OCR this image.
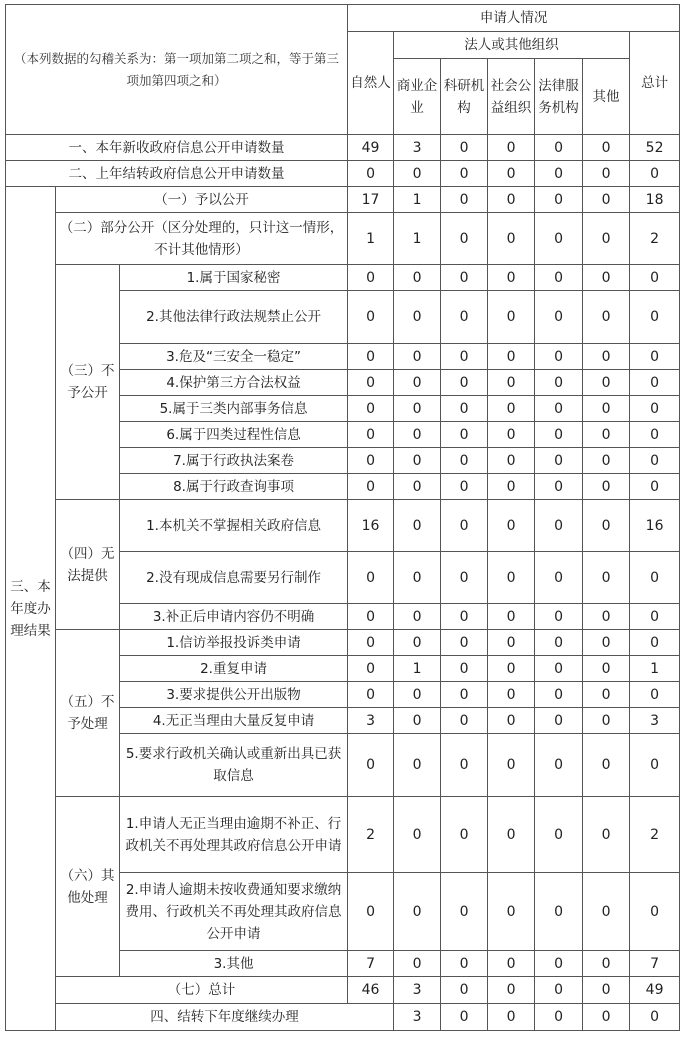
（本列数据的勾稽关系为：第一项加第二项之和，等于第三项加第四项之和）			申请人情况							
			自然人	法人或其他组织					总计	
				商业企业	科研机构	社会公益组织	法律服务机构	其他		
一、本年新收政府信息公开申请数量			49	3	0	0	0	0	52	
二、上年结转政府信息公开申请数量			0	0	0	0	0	0	0	
三、本年度办理结果	（一）予以公开		17	1	0	0	0	0	18	
	（二）部分公开（区分处理的，只计这一情形，不计其他情形）		1	1	0	0	0	0	2	
	（三）不予公开	1.属于国家秘密	0	0	0	0	0	0	0	
		2.其他法律行政法规禁止公开	0	0	0	0	0	0	0	
		3.危及“三安全一稳定”	0	0	0	0	0	0	0	
		4.保护第三方合法权益	0	0	0	0	0	0	0	
		5.属于三类内部事务信息	0	0	0	0	0	0	0	
		6.属于四类过程性信息	0	0	0	0	0	0	0	
		7.属于行政执法案卷	0	0	0	0	0	0	0	
		8.属于行政查询事项	0	0	0	0	0	0	0	
	（四）无法提供	1.本机关不掌握相关政府信息	16	0	0	0	0	0	16	
		2.没有现成信息需要另行制作	0	0	0	0	0	0	0	
		3.补正后申请内容仍不明确	0	0	0	0	0	0	0	
	（五）不予处理	1.信访举报投诉类申请	0	0	0	0	0	0	0	
		2.重复申请	0	1	0	0	0	0	1	
		3.要求提供公开出版物	0	0	0	0	0	0	0	
		4.无正当理由大量反复申请	3	0	0	0	0	0	3	
		5.要求行政机关确认或重新出具已获取信息	0	0	0	0	0	0	0	
	（六）其他处理	1.申请人无正当理由逾期不补正、行政机关不再处理其政府信息公开申请	2	0	0	0	0	0	2	
		2.申请人逾期未按收费通知要求缴纳费用、行政机关不再处理其政府信息公开申请	0	0	0	0	0	0	0	
		3.其他	7	0	0	0	0	0	7	
	（七）总计		46	3	0	0	0	0	49	
	四、结转下年度继续办理			3	0	0	0	0	0	
